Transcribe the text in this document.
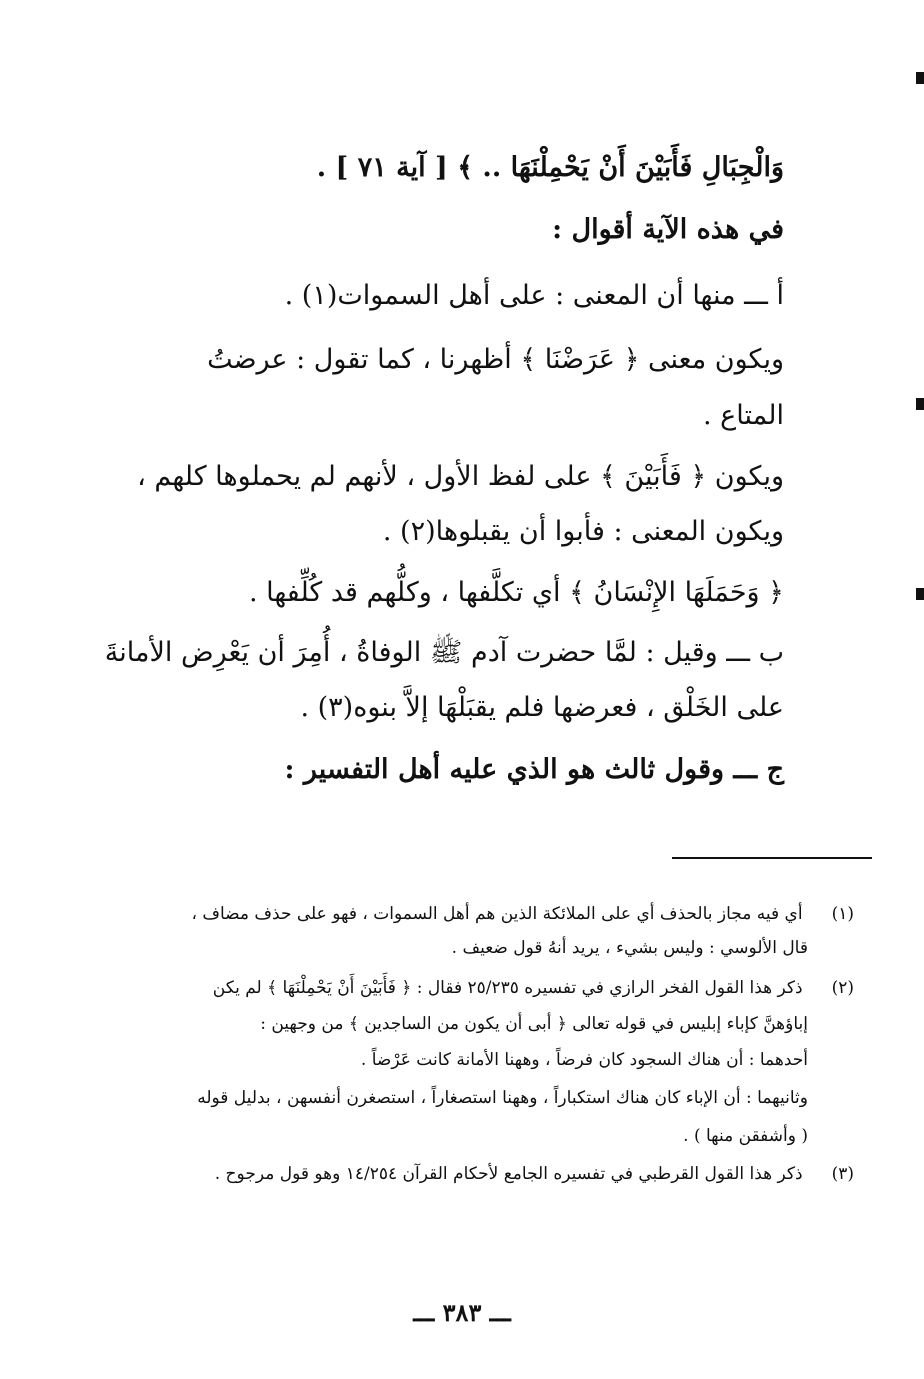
وَالْجِبَالِ فَأَبَيْنَ أَنْ يَحْمِلْنَهَا .. ﴾ [ آية ٧١ ] .
في هذه الآية أقوال :
أ ـــ منها أن المعنى : على أهل السموات(١) .
ويكون معنى ﴿ عَرَضْنَا ﴾ أظهرنا ، كما تقول : عرضتُ
المتاع .
ويكون ﴿ فَأَبَيْنَ ﴾ على لفظ الأول ، لأنهم لم يحملوها كلهم ،
ويكون المعنى : فأبوا أن يقبلوها(٢) .
﴿ وَحَمَلَهَا الإِنْسَانُ ﴾ أي تكلَّفها ، وكلُّهم قد كُلِّفها .
ب ـــ وقيل : لمَّا حضرت آدم ﷺ الوفاةُ ، أُمِرَ أن يَعْرِض الأمانةَ
على الخَلْق ، فعرضها فلم يقبَلْهَا إلاَّ بنوه(٣) .
ج ـــ وقول ثالث هو الذي عليه أهل التفسير :
(١) أي فيه مجاز بالحذف أي على الملائكة الذين هم أهل السموات ، فهو على حذف مضاف ،
قال الألوسي : وليس بشيء ، يريد أنهُ قول ضعيف .
(٢) ذكر هذا القول الفخر الرازي في تفسيره ٢٥/٢٣٥ فقال : ﴿ فَأَبَيْنَ أَنْ يَحْمِلْنَهَا ﴾ لم يكن
إباؤهنَّ كإباء إبليس في قوله تعالى ﴿ أبى أن يكون من الساجدين ﴾ من وجهين :
أحدهما : أن هناك السجود كان فرضاً ، وههنا الأمانة كانت عَرْضاً .
وثانيهما : أن الإباء كان هناك استكباراً ، وههنا استصغاراً ، استصغرن أنفسهن ، بدليل قوله
( وأشفقن منها ) .
(٣) ذكر هذا القول القرطبي في تفسيره الجامع لأحكام القرآن ١٤/٢٥٤ وهو قول مرجوح .
ـــ ٣٨٣ ـــ
